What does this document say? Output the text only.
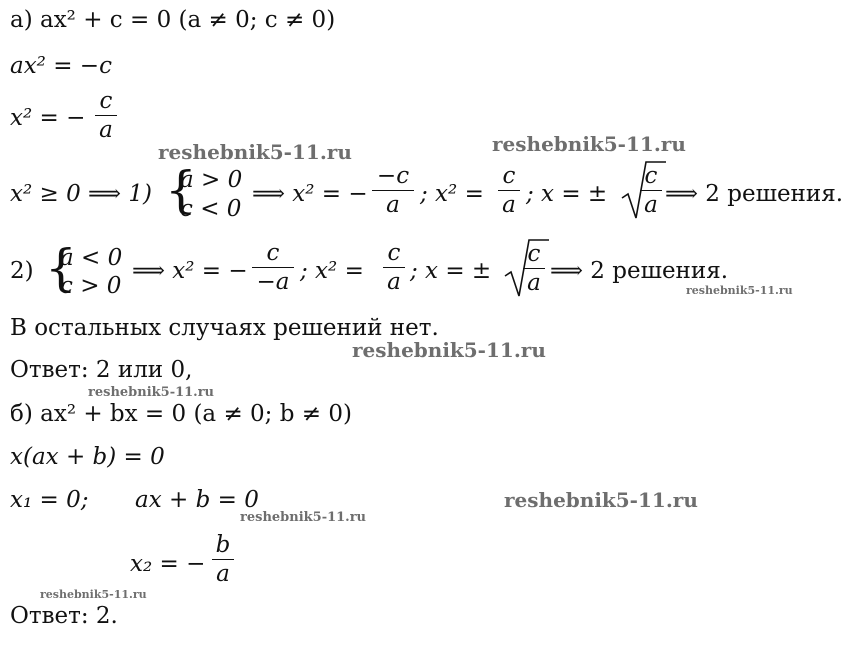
а) ax² + c = 0 (a ≠ 0; c ≠ 0)
ax² = −c
x² = −
c
a
x² ≥ 0 ⟹ 1) {
a > 0
c < 0
⟹ x² = −
−c
a ; x² =
c
a ; x = ±
c
a ⟹ 2 решения.
2) {
a < 0
c > 0
⟹ x² = −
c
−a ; x² =
c
a ; x = ±
c
a ⟹ 2 решения.
В остальных случаях решений нет.
Ответ: 2 или 0,
б) ax² + bx = 0 (a ≠ 0; b ≠ 0)
x(ax + b) = 0
x₁ = 0; ax + b = 0
x₂ = −
b
a
Ответ: 2.
reshebnik5-11.ru	reshebnik5-11.ru
reshebnik5-11.ru
reshebnik5-11.ru
reshebnik5-11.ru
reshebnik5-11.ru
reshebnik5-11.ru
reshebnik5-11.ru
